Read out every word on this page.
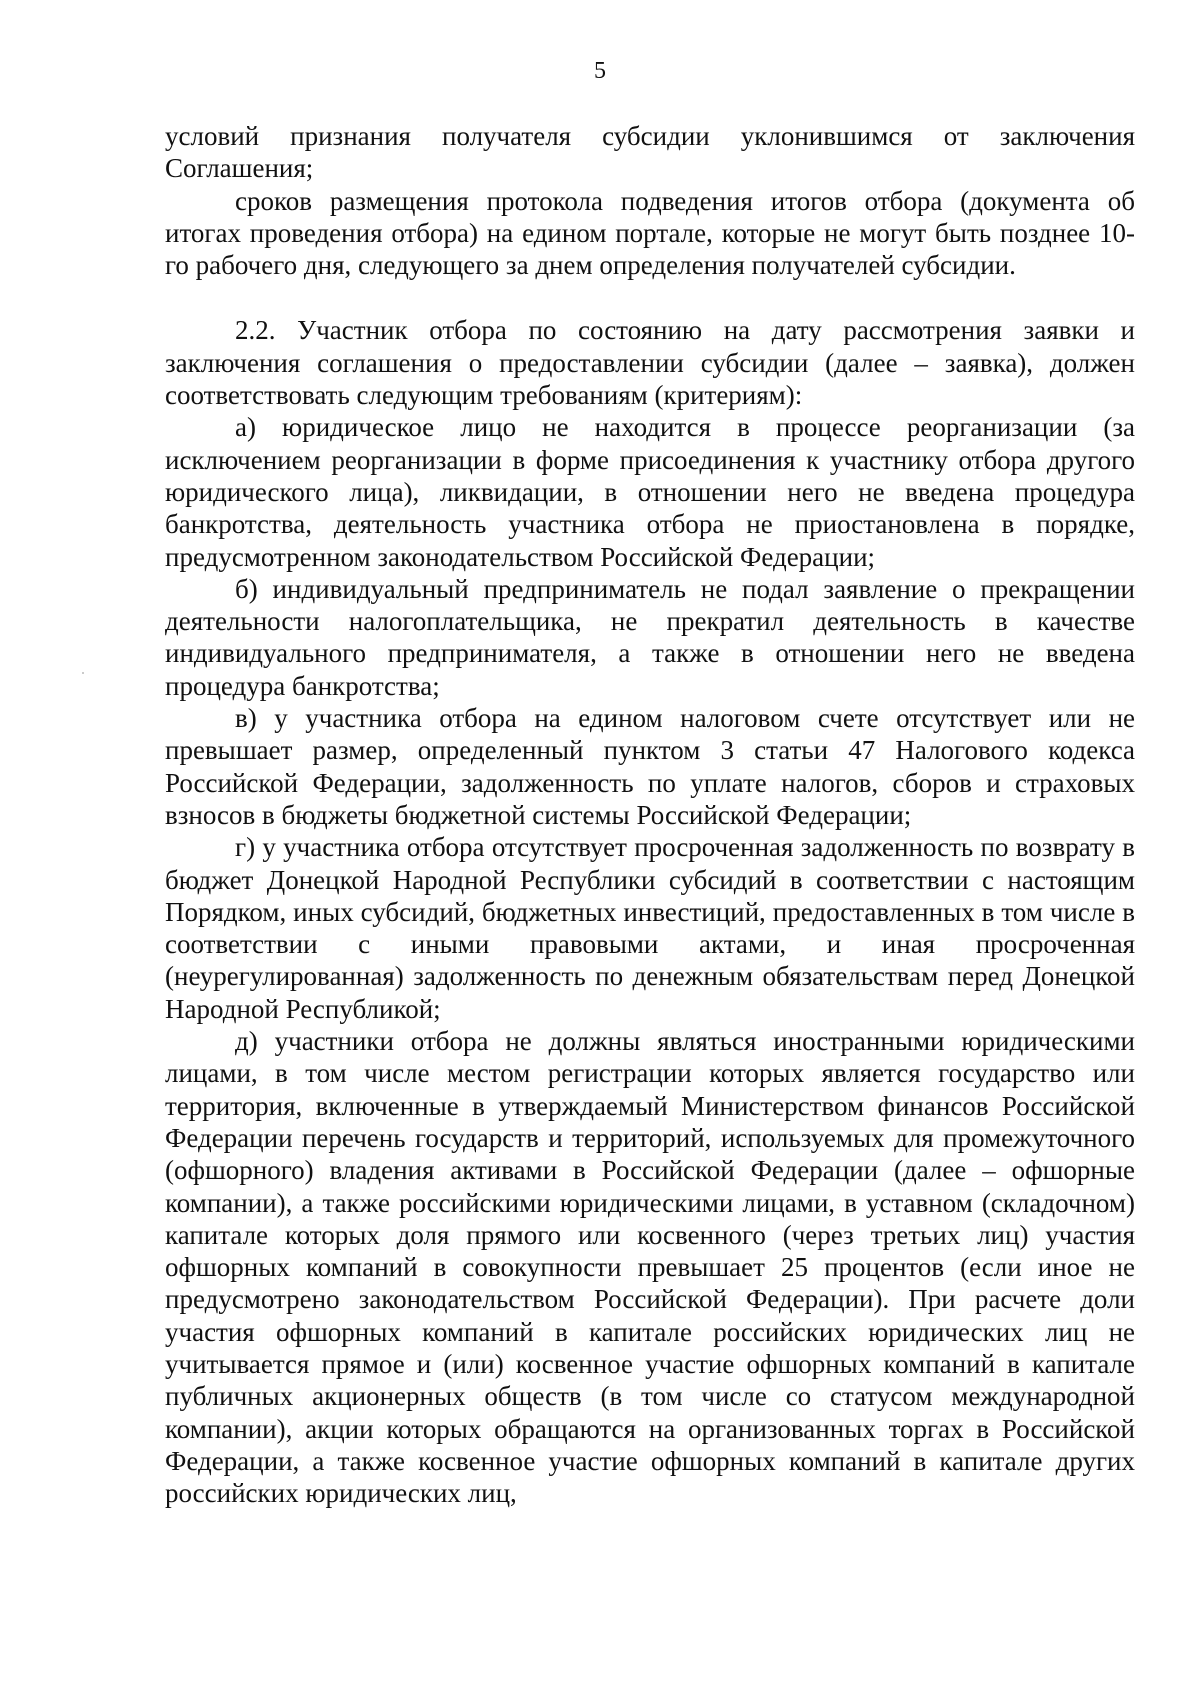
5

условий признания получателя субсидии уклонившимся от заключения Соглашения;

сроков размещения протокола подведения итогов отбора (документа об итогах проведения отбора) на едином портале, которые не могут быть позднее 10-го рабочего дня, следующего за днем определения получателей субсидии.

2.2. Участник отбора по состоянию на дату рассмотрения заявки и заключения соглашения о предоставлении субсидии (далее – заявка), должен соответствовать следующим требованиям (критериям):

а) юридическое лицо не находится в процессе реорганизации (за исключением реорганизации в форме присоединения к участнику отбора другого юридического лица), ликвидации, в отношении него не введена процедура банкротства, деятельность участника отбора не приостановлена в порядке, предусмотренном законодательством Российской Федерации;

б) индивидуальный предприниматель не подал заявление о прекращении деятельности налогоплательщика, не прекратил деятельность в качестве индивидуального предпринимателя, а также в отношении него не введена процедура банкротства;

в) у участника отбора на едином налоговом счете отсутствует или не превышает размер, определенный пунктом 3 статьи 47 Налогового кодекса Российской Федерации, задолженность по уплате налогов, сборов и страховых взносов в бюджеты бюджетной системы Российской Федерации;

г) у участника отбора отсутствует просроченная задолженность по возврату в бюджет Донецкой Народной Республики субсидий в соответствии с настоящим Порядком, иных субсидий, бюджетных инвестиций, предоставленных в том числе в соответствии с иными правовыми актами, и иная просроченная (неурегулированная) задолженность по денежным обязательствам перед Донецкой Народной Республикой;

д) участники отбора не должны являться иностранными юридическими лицами, в том числе местом регистрации которых является государство или территория, включенные в утверждаемый Министерством финансов Российской Федерации перечень государств и территорий, используемых для промежуточного (офшорного) владения активами в Российской Федерации (далее – офшорные компании), а также российскими юридическими лицами, в уставном (складочном) капитале которых доля прямого или косвенного (через третьих лиц) участия офшорных компаний в совокупности превышает 25 процентов (если иное не предусмотрено законодательством Российской Федерации). При расчете доли участия офшорных компаний в капитале российских юридических лиц не учитывается прямое и (или) косвенное участие офшорных компаний в капитале публичных акционерных обществ (в том числе со статусом международной компании), акции которых обращаются на организованных торгах в Российской Федерации, а также косвенное участие офшорных компаний в капитале других российских юридических лиц,
